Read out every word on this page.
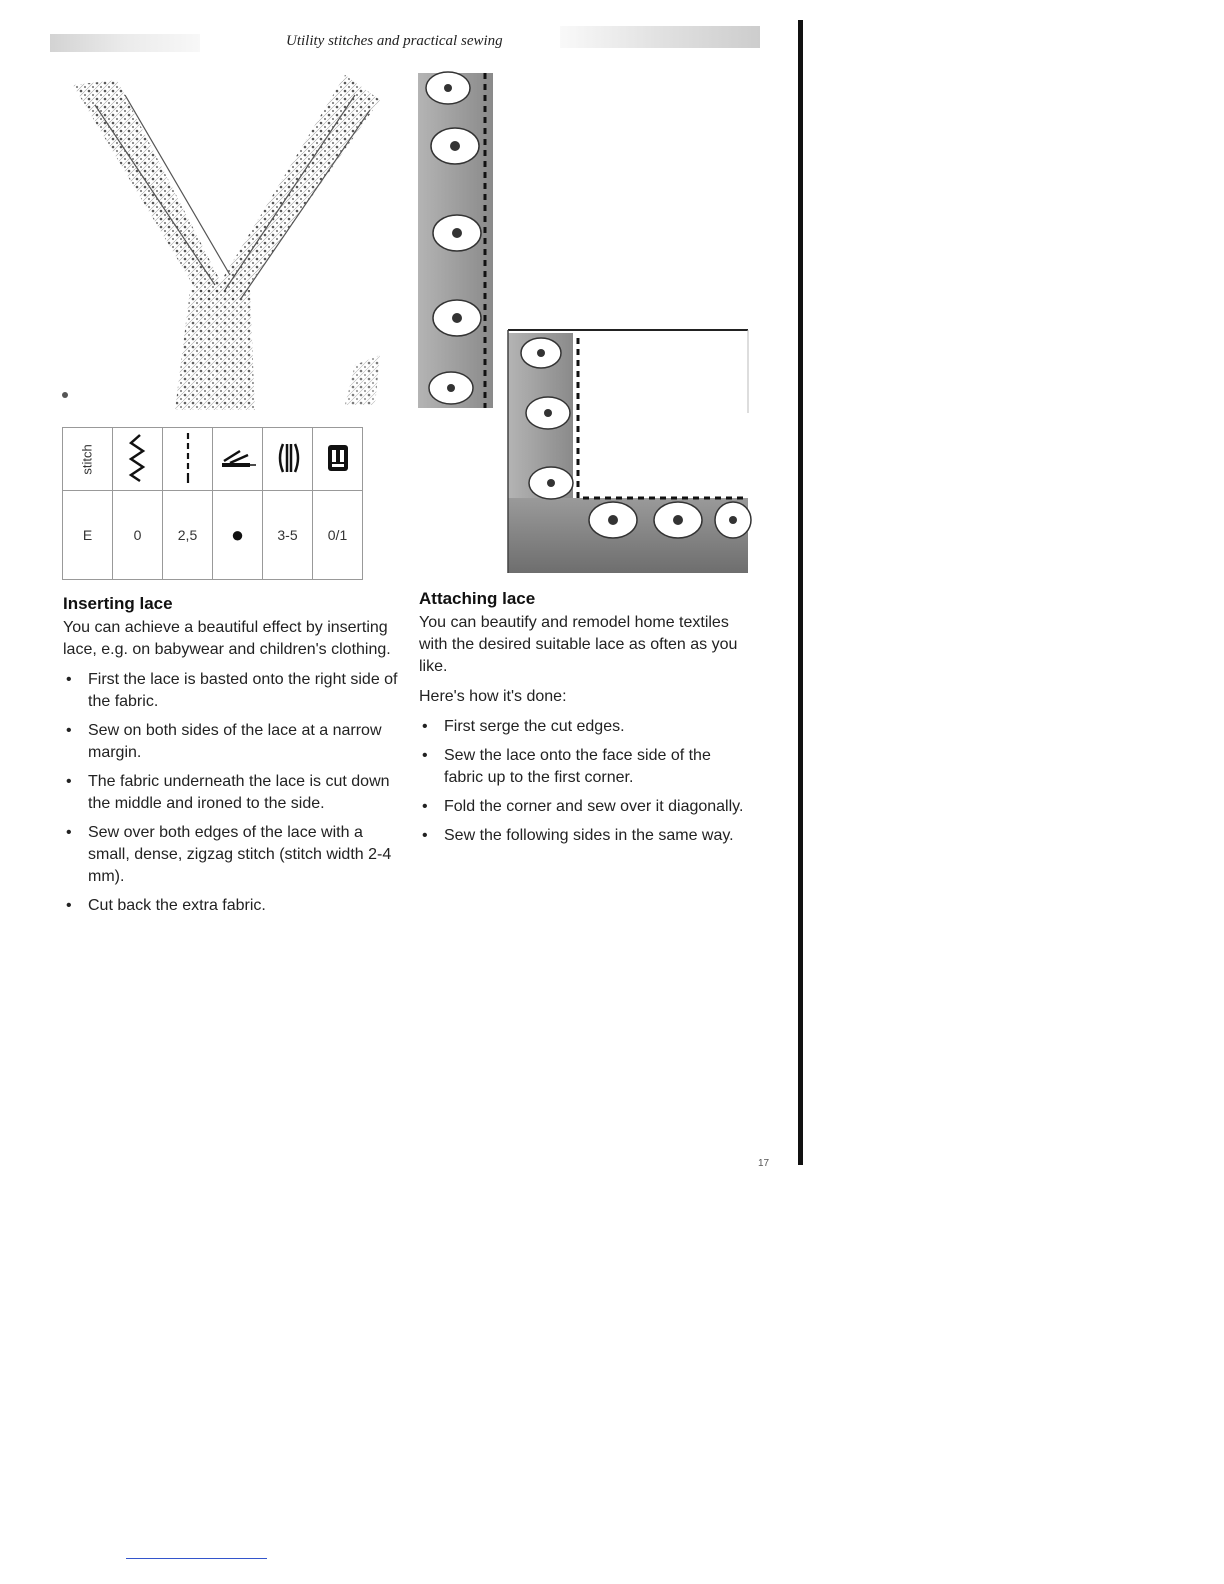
Utility stitches and practical sewing
stitch					
E	0	2,5	●	3-5	0/1
Inserting lace

You can achieve a beautiful effect by inserting lace, e.g. on babywear and children's clothing.

• First the lace is basted onto the right side of the fabric.
• Sew on both sides of the lace at a narrow margin.
• The fabric underneath the lace is cut down the middle and ironed to the side.
• Sew over both edges of the lace with a small, dense, zigzag stitch (stitch width 2-4 mm).
• Cut back the extra fabric.
Attaching lace

You can beautify and remodel home textiles with the desired suitable lace as often as you like.

Here's how it's done:

• First serge the cut edges.
• Sew the lace onto the face side of the fabric up to the first corner.
• Fold the corner and sew over it diagonally.
• Sew the following sides in the same way.
17
